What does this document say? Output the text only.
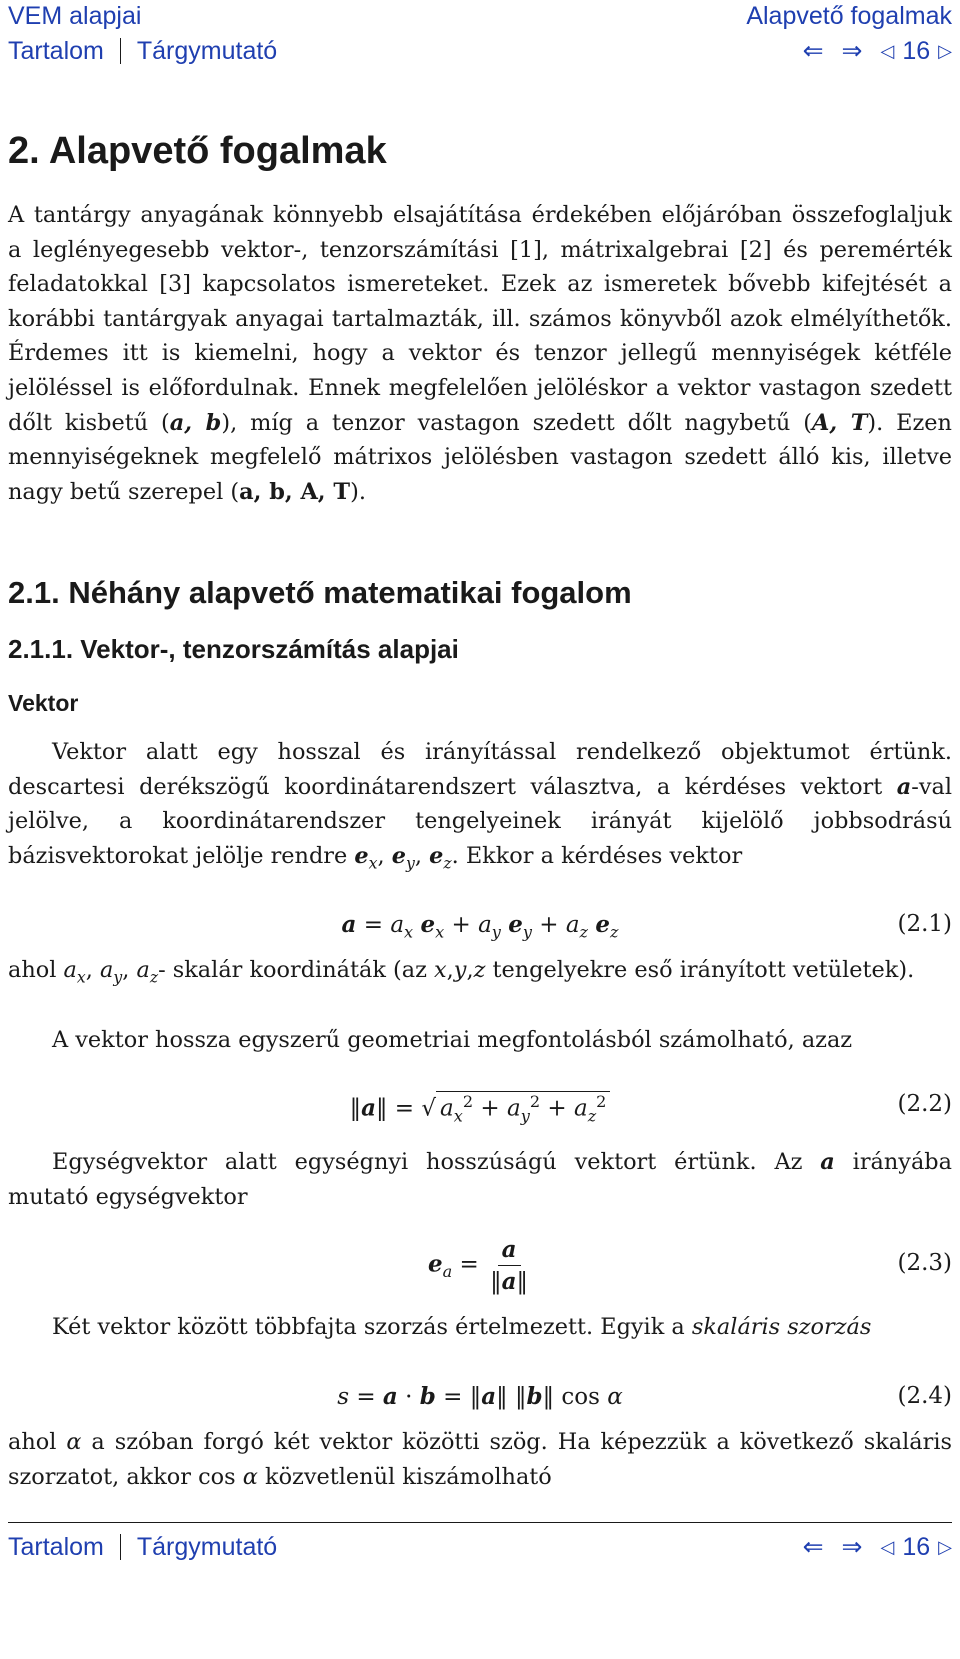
VEM alapjai	Alapvető fogalmak
Tartalom Tárgymutató	⇐ ⇒ ◁ 16 ▷
2. Alapvető fogalmak

A tantárgy anyagának könnyebb elsajátítása érdekében előjáróban összefoglaljuk a leglényegesebb vektor-, tenzorszámítási [1], mátrixalgebrai [2] és peremérték feladatokkal [3] kapcsolatos ismereteket. Ezek az ismeretek bővebb kifejtését a korábbi tantárgyak anyagai tartalmazták, ill. számos könyvből azok elmélyíthetők. Érdemes itt is kiemelni, hogy a vektor és tenzor jellegű mennyiségek kétféle jelöléssel is előfordulnak. Ennek megfelelően jelöléskor a vektor vastagon szedett dőlt kisbetű (a, b), míg a tenzor vastagon szedett dőlt nagybetű (A, T). Ezen mennyiségeknek megfelelő mátrixos jelölésben vastagon szedett álló kis, illetve nagy betű szerepel (a, b, A, T).

2.1. Néhány alapvető matematikai fogalom
2.1.1. Vektor-, tenzorszámítás alapjai
Vektor

Vektor alatt egy hosszal és irányítással rendelkező objektumot értünk. descartesi derékszögű koordinátarendszert választva, a kérdéses vektort a-val jelölve, a koordinátarendszer tengelyeinek irányát kijelölő jobbsodrású bázisvektorokat jelölje rendre $e_x$, $e_y$, $e_z$. Ekkor a kérdéses vektor

$a = a_x$ $e_x + a_y$ $e_y + a_z$ $e_z$	(2.1)

ahol $a_x$, $a_y$, $a_z-$ skalár koordináták (az x,y,z tengelyekre eső irányított vetületek).

A vektor hossza egyszerű geometriai megfontolásból számolható, azaz

‖a‖ = √ $a_x^2 + a_y^2 + a_z^2$	(2.2)

Egységvektor alatt egységnyi hosszúságú vektort értünk. Az a irányába mutató egységvektor

$e_a = \frac{a}{‖a‖}$	(2.3)

Két vektor között többfajta szorzás értelmezett. Egyik a skaláris szorzás

s = a · b = ‖a‖ ‖b‖ cos α	(2.4)

ahol α a szóban forgó két vektor közötti szög. Ha képezzük a következő skaláris szorzatot, akkor cos α közvetlenül kiszámolható

Tartalom Tárgymutató	⇐ ⇒ ◁ 16 ▷
